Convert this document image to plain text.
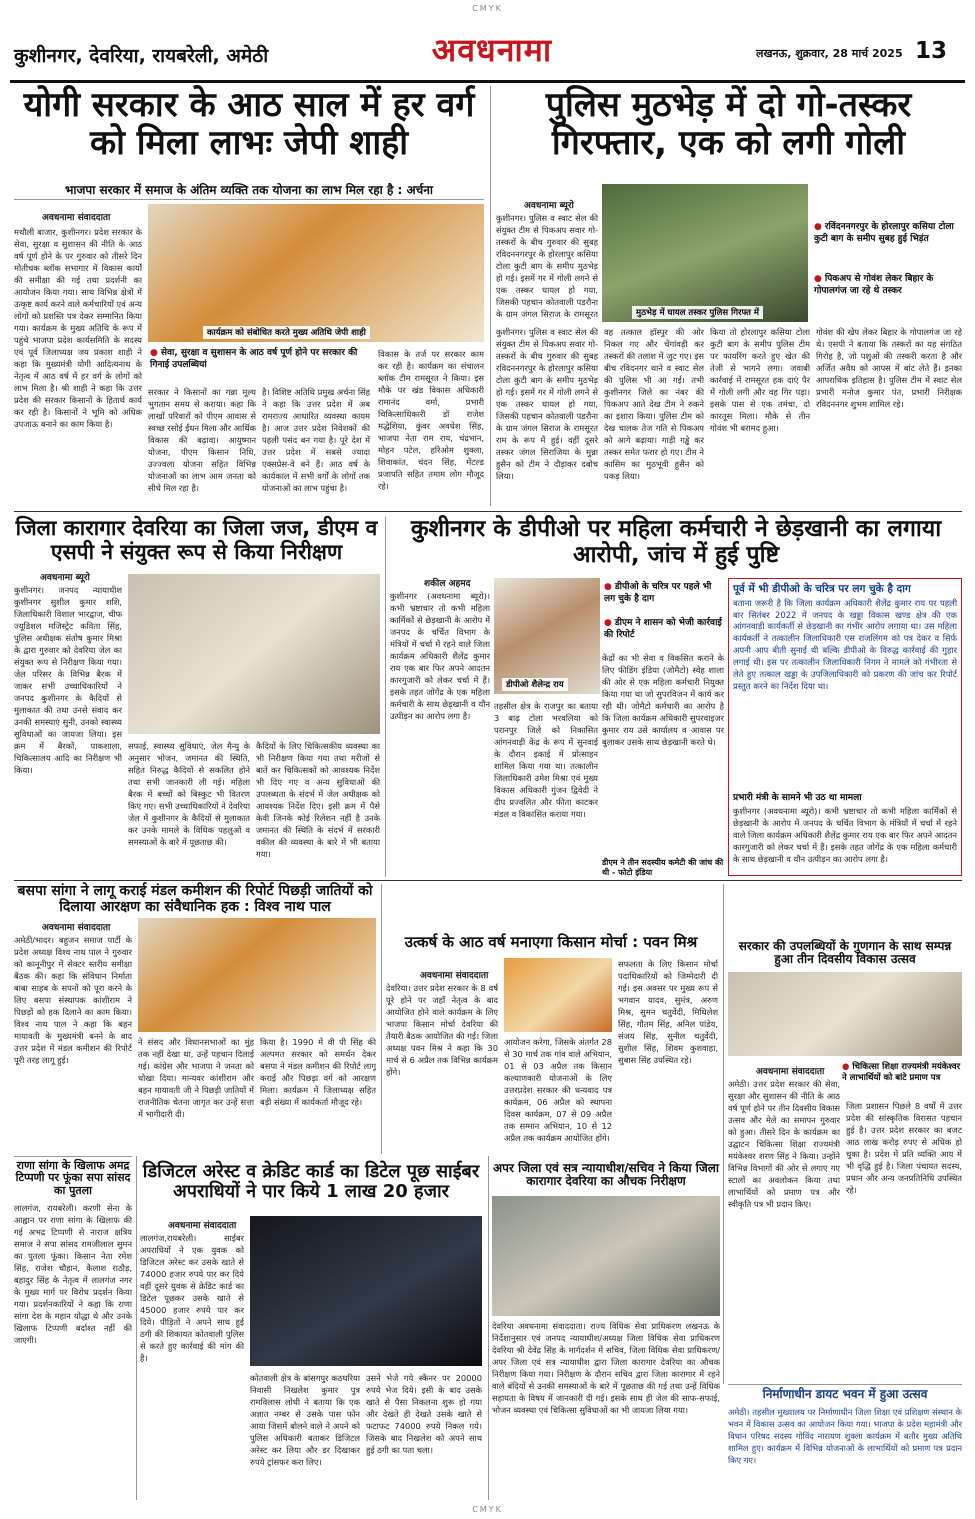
CMYK
कुशीनगर, देवरिया, रायबरेली, अमेठी	अवधनामा	लखनऊ, शुक्रवार, 28 मार्च 2025 13
योगी सरकार के आठ साल में हर वर्ग को मिला लाभः जेपी शाही
भाजपा सरकार में समाज के अंतिम व्यक्ति तक योजना का लाभ मिल रहा है : अर्चना
अवधनामा संवाददाता
मथौली बाजार, कुशीनगर। प्रदेश सरकार के सेवा, सुरक्षा व सुशासन की नीति के आठ वर्ष पूर्ण होने के पर गुरुवार को तीसरे दिन मोतीचक ब्लॉक सभागार में विकास कार्यों की समीक्षा की गई तथा प्रदर्शनी का आयोजन किया गया। साथ विभिन्न क्षेत्रों में उत्कृष्ट कार्य करने वाले कर्मचारियों एवं अन्य लोगों को प्रशस्ति पत्र देकर सम्मानित किया गया। कार्यक्रम के मुख्य अतिथि के रूप में पहुंचे भाजपा प्रदेश कार्यसमिति के सदस्य एवं पूर्व जिलाध्यक्ष जय प्रकाश शाही ने कहा कि मुख्यमंत्री योगी आदित्यनाथ के नेतृत्व में आठ वर्ष में हर वर्ग के लोगों को लाभ मिला है। श्री शाही ने कहा कि उत्तर प्रदेश की सरकार किसानों के हितार्थ कार्य कर रही है। किसानों ने भूमि को अधिक उपजाऊ बनाने का काम किया है।
कार्यक्रम को संबोधित करते मुख्य अतिथि जेपी शाही
● सेवा, सुरक्षा व सुशासन के आठ वर्ष पूर्ण होने पर सरकार की गिनाई उपलब्धियां
सरकार ने किसानों का गन्ना मूल्य भुगतान समय से कराया। कहा कि लाखों परिवारों को पीएम आवास से स्वच्छ रसोई ईंधन मिला और आर्थिक विकास की बढ़ावा। आयुष्मान योजना, पीएम किसान निधि, उज्ज्वला योजना सहित विभिन्न योजनाओं का लाभ आम जनता को सीधे मिल रहा है।
है। विशिष्ट अतिथि प्रमुख अर्चना सिंह ने कहा कि उत्तर प्रदेश में अब रामराज्य आधारित व्यवस्था कायम है। आज उत्तर प्रदेश निवेशकों की पहली पसंद बन गया है। पूरे देश में उत्तर प्रदेश में सबसे ज्यादा एक्सप्रेस-वे बने हैं। आठ वर्ष के कार्यकाल में सभी वर्गों के लोगों तक योजनाओं का लाभ पहुंचा है।
विकास के तर्ज पर सरकार काम कर रही है। कार्यक्रम का संचालन ब्लॉक टीम रामसूरत ने किया। इस मौके पर खंड विकास अधिकारी रामानंद वर्मा, प्रभारी चिकित्साधिकारी डॉ राजेश मद्धेशिया, कुंवर अवधेश सिंह, भाजपा नेता राम राय, चंद्रभान, मोहन पटेल, हरिओम शुक्ला, शिवाकांत, चंदन सिंह, मेंटल्ड प्रजापति सहित तमाम लोग मौजूद रहे।
पुलिस मुठभेड़ में दो गो-तस्कर गिरफ्तार, एक को लगी गोली
अवधनामा ब्यूरो
कुशीनगर। पुलिस व स्वाट सेल की संयुक्त टीम से पिकअप सवार गो-तस्करों के बीच गुरुवार की सुबह रविदननगरपुर के होरलापुर कसिया टोला कुटी बाग के समीप मुठभेड़ हो गई। इसमें गर में गोली लगने से एक तस्कर घायल हो गया, जिसकी पहचान कोतवाली पडरौना के ग्राम जंगल सिराज के रामसूरत	मुठभेड़ में घायल तस्कर पुलिस गिरफ्त में
● रविंदननगरपुर के होरलापुर कसिया टोला कुटी बाग के समीप सुबह हुई भिड़ंत
● पिकअप से गोवंश लेकर बिहार के गोपालगंज जा रहे थे तस्कर
कुशीनगर। पुलिस व स्वाट सेल की संयुक्त टीम से पिकअप सवार गो-तस्करों के बीच गुरुवार की सुबह रविदननगरपुर के होरलापुर कसिया टोला कुटी बाग के समीप मुठभेड़ हो गई। इसमें गर में गोली लगने से एक तस्कर घायल हो गया, जिसकी पहचान कोतवाली पडरौना के ग्राम जंगल सिराज के रामसूरत राम के रूप में हुई। वहीं दूसरे तस्कर जंगल सिराजिया के मुन्ना हुसैन को टीम ने दौड़ाकर दबोच लिया।
वह तत्काल हॉस्पुर की ओर निकल गए और चेंगांवड़ी कर तस्करों की तलाश में जुट गए। इस बीच रविदनगर थाने व स्वाट सेल की पुलिस भी आ गई। तभी कुशीनगर जिले का नंबर की पिकअप आते देख टीम ने रुकने का इशारा किया। पुलिस टीम को देख चालक तेज गति से पिकअप को आगे बढ़ाया। गाड़ी गड्ढे कर तस्कर समेत फरार हो गए। टीम ने कासिम का मुठभूवी हुसैन को पकड़ लिया।
किया तो होरलापुर कसिया टोला कुटी बाग के समीप पुलिस टीम पर फायरिंग करते हुए खेत की तेजी से भागने लगा। जवाबी कार्रवाई में रामसूरत हक दाएं पैर में गोली लगी और वह गिर पड़ा। इसके पास से एक तमंचा, दो कारतूस मिला। मौके से तीन गोवंश भी बरामद हुआ।
गोवंश की खेप लेकर बिहार के गोपालगंज जा रहे थे। एसपी ने बताया कि तस्करों का यह संगठित गिरोह है, जो पशुओं की तस्करी करता है और अर्जित अवैध को आपस में बांट लेते हैं। इनका आपराधिक इतिहास है। पुलिस टीम में स्वाट सेल प्रभारी मनोज कुमार पंत, प्रभारी निरीक्षक रविदननगर शुभम शामिल रहे।
जिला कारागार देवरिया का जिला जज, डीएम व एसपी ने संयुक्त रूप से किया निरीक्षण
अवधनामा ब्यूरो
कुशीनगर। जनपद न्यायाधीश कुशीनगर सुशील कुमार शशि, जिलाधिकारी विशाल भारद्वाज, चीफ ज्यूडिशल मजिस्ट्रेट कविता सिंह, पुलिस अधीक्षक संतोष कुमार मिश्रा के द्वारा गुरुवार को देवरिया जेल का संयुक्त रूप से निरीक्षण किया गया। जेल परिसर के विभिन्न बैरक में जाकर सभी उच्चाधिकारियों ने जनपद कुशीनगर के कैदियों से मुलाकात की तथा उनसे संवाद कर उनकी समस्याएं सुनी, उनको स्वास्थ्य सुविधाओं का जायजा लिया। इस क्रम में बैरकों, पाकशाला, चिकित्सालय आदि का निरीक्षण भी किया।
सफाई, स्वास्थ्य सुविधाएं, जेल मैन्यु के अनुसार भोजन, जमानत की स्थिति, सहित निरुद्ध कैदियों से सकलित होने तथा सभी जानकारी ली गई। महिला बैरक में बच्चों को बिस्कुट भी वितरण किए गए। सभी उच्चाधिकारियों ने देवरिया जेल में कुशीनगर के कैदियों से मुलाकात कर उनके मामले के विधिक पहलुओं व समस्याओं के बारे में पूछताछ की।
कैदियों के लिए चिकित्सकीय व्यवस्था का भी निरीक्षण किया गया तथा मरीजों से बातें कर चिकित्सकों को आवश्यक निर्देश भी दिए गए व अन्य सुविधाओं की उपलब्धता के संदर्भ में जेल अधीक्षक को आवश्यक निर्देश दिए। इसी क्रम में पैसे केवी जिनके कोई रिलेशन नहीं है उनके जमानत की स्थिति के संदर्भ में सरकारी वकील की व्यवस्था के बारे में भी बताया गया।
कुशीनगर के डीपीओ पर महिला कर्मचारी ने छेड़खानी का लगाया आरोपी, जांच में हुई पुष्टि
शकील अहमद
कुशीनगर (अवधनामा ब्यूरो)। कभी भ्रष्टाचार तो कभी महिला कार्मिकों से छेड़खानी के आरोप में जनपद के चर्चित विभाग के मंत्रियों में चर्चा में रहने वाले जिला कार्यक्रम अधिकारी शैलेंद्र कुमार राय एक बार फिर अपने आदतन कारगुजारी को लेकर चर्चा में हैं। इसके तहत जोगेंद्र के एक महिला कर्मचारी के साथ छेड़खानी व यौन उत्पीड़न का आरोप लगा है।
डीपीओ शैलेन्द्र राय
तहसील क्षेत्र के राजपुर का बताया 3 बाढ़ टोला भरवलिया को परानपुर जिले को निकासित आंगनवाड़ी केंद्र के रूप में सुनवाई के दौरान इकाई में प्रोत्साहन शामिल किया गया था। तत्कालीन जिलाधिकारी उमेश मिश्रा एवं मुख्य विकास अधिकारी गुंजन द्विवेदी ने दीप प्रज्वलित और फीता काटकर मंडल व विकासित कराया गया।
● डीपीओ के चरित्र पर पहले भी लग चुके है दाग
● डीएम ने शासन को भेजी कार्रवाई की रिपोर्ट
केंद्रों का भी सेवा व विकसित कराने के लिए फीडिंग इंडिया (जोमैटो) स्वेह शाला की ओर से एक महिला कर्मचारी नियुक्त किया गया था जो सुपरविजन में कार्य कर रही थी। जोमैटो कर्मचारी का आरोप है कि जिला कार्यक्रम अधिकारी सुपरवाइजर कुमार राय उसे कार्यालय व आवास पर बुलाकर उसके साथ छेड़खानी करते थे।
डीएम ने तीन सदस्यीय कमेटी की जांच की थी - फोटो इंडिया
पूर्व में भी डीपीओ के चरित्र पर लग चुके है दाग
बताना जरूरी है कि जिला कार्यक्रम अधिकारी शैलेंद्र कुमार राय पर पहली बार सितंबर 2022 में जनपद के खड्डा विकास खण्ड क्षेत्र की एक आंगनवाड़ी कार्यकर्ती से छेड़खानी का गंभीर आरोप लगाया था। उस महिला कार्यकर्ती ने तत्कालीन जिलाधिकारी एस राजलिंगम को पत्र देकर व सिर्फ अपनी आप बीती सुनाई थी बल्कि डीपीओ के विरुद्ध कार्रवाई की गुहार लगाई थी। इस पर तत्कालीन जिलाधिकारी निगम ने मामले को गंभीरता से लेते हुए तत्काल खड्डा के उपजिलाधिकारी को प्रकरण की जांच कर रिपोर्ट प्रस्तुत करने का निर्देश दिया था।
प्रभारी मंत्री के सामने भी उठ था मामला
कुशीनगर (अवधनामा ब्यूरो)। कभी भ्रष्टाचार तो कभी महिला कार्मिकों से छेड़खानी के आरोप में जनपद के चर्चित विभाग के मंत्रियों में चर्चा में रहने वाले जिला कार्यक्रम अधिकारी शैलेंद्र कुमार राय एक बार फिर अपने आदतन कारगुजारी को लेकर चर्चा में हैं। इसके तहत जोगेंद्र के एक महिला कर्मचारी के साथ छेड़खानी व यौन उत्पीड़न का आरोप लगा है।
बसपा सांगा ने लागू कराई मंडल कमीशन की रिपोर्ट पिछड़ी जातियों को दिलाया आरक्षण का संवैधानिक हक : विश्व नाथ पाल
अवधनामा संवाददाता
अमेठी/भादर। बहुजन समाज पार्टी के प्रदेश अध्यक्ष विश्व नाथ पाल ने गुरुवार को कानूनीपुर में सेक्टर स्तरीय समीक्षा बैठक की। कहा कि संविधान निर्माता बाबा साहब के सपनों को पूरा करने के लिए बसपा संस्थापक कांशीराम ने पिछड़ों को हक दिलाने का काम किया। विश्व नाथ पाल ने कहा कि बहन मायावती के मुख्यमंत्री बनने के बाद उत्तर प्रदेश में मंडल कमीशन की रिपोर्ट पूरी तरह लागू हुई।
ने संसद और विधानसभाओं का मुंह तक नहीं देखा था, उन्हें पहचान दिलाई गई। कांग्रेस और भाजपा ने जनता को धोखा दिया। मान्यवर कांशीराम और बहन मायावती जी ने पिछड़ी जातियों में राजनीतिक चेतना जागृत कर उन्हें सत्ता में भागीदारी दी।
किया है। 1990 में वी पी सिंह की अल्पमत सरकार को समर्थन देकर बसपा ने मंडल कमीशन की रिपोर्ट लागू कराई और पिछड़ा वर्ग को आरक्षण मिला। कार्यक्रम में जिलाध्यक्ष सहित बड़ी संख्या में कार्यकर्ता मौजूद रहे।
उत्कर्ष के आठ वर्ष मनाएगा किसान मोर्चा : पवन मिश्र
अवधनामा संवाददाता
देवरिया। उत्तर प्रदेश सरकार के 8 वर्ष पूरे होने पर जहाँ नेतृत्व के बाद आयोजित होने वाले कार्यक्रम के लिए भाजपा किसान मोर्चा देवरिया की तैयारी बैठक आयोजित की गई। जिला अध्यक्ष पवन मिश्र ने कहा कि 30 मार्च से 6 अप्रैल तक विभिन्न कार्यक्रम होंगे।
आयोजन करेगा, जिसके अंतर्गत 28 से 30 मार्च तक गांव वाले अभियान, 01 से 03 अप्रैल तक किसान कल्याणकारी योजनाओं के लिए उत्तरप्रदेश सरकार की धन्यवाद पत्र कार्यक्रम, 06 अप्रैल को स्थापना दिवस कार्यक्रम, 07 से 09 अप्रैल तक सम्मान अभियान, 10 से 12 अप्रैल तक कार्यक्रम आयोजित होंगे।
सफलता के लिए किसान मोर्चा पदाधिकारियों को जिम्मेदारी दी गई। इस अवसर पर मुख्य रूप से भगवान यादव, सुमंत्र, अरुण मिश्र, सुमन चतुर्वेदी, मिथिलेश सिंह, गौतम सिंह, अनिल पांडेय, संजय सिंह, सुनील चतुर्वेदी, सुशील सिंह, शिवम कुशवाहा, सुबास सिंह उपस्थित रहे।
सरकार की उपलब्धियों के गुणगान के साथ सम्पन्न हुआ तीन दिवसीय विकास उत्सव
अवधनामा संवाददाता ● चिकित्सा शिक्षा राज्यमंत्री मयंकेश्वर ने लाभार्थियों को बांटे प्रमाण पत्र
अमेठी। उत्तर प्रदेश सरकार की सेवा, सुरक्षा और सुशासन की नीति के आठ वर्ष पूर्ण होने पर तीन दिवसीय विकास उत्सव और मेले का समापन गुरुवार को हुआ। तीसरे दिन के कार्यक्रम का उद्घाटन चिकित्सा शिक्षा राज्यमंत्री मयंकेश्वर शरण सिंह ने किया। उन्होंने विभिन्न विभागों की ओर से लगाए गए स्टालों का अवलोकन किया तथा लाभार्थियों को प्रमाण पत्र और स्वीकृति पत्र भी प्रदान किए।
जिला प्रशासन पिछले 8 वर्षों में उत्तर प्रदेश की सांस्कृतिक विरासत पहचान हुई है। उत्तर प्रदेश सरकार का बजट आठ लाख करोड़ रुपए से अधिक हो चुका है। प्रदेश में प्रति व्यक्ति आय में भी वृद्धि हुई है। जिला पंचायत सदस्य, प्रधान और अन्य जनप्रतिनिधि उपस्थित रहे।
राणा सांगा के खिलाफ अमद्र टिप्पणी पर फूंका सपा सांसद का पुतला
लालगंज, रायबरेली। करणी सेना के आह्वान पर राणा सांगा के खिलाफ की गई अभद्र टिप्पणी से नाराज क्षत्रिय समाज ने सपा सांसद रामजीलाल सुमन का पुतला फूंका। किसान नेता रमेश सिंह, राजेश चौहान, कैलाश राठौड़, बहादुर सिंह के नेतृत्व में लालगंज नगर के मुख्य मार्ग पर विरोध प्रदर्शन किया गया। प्रदर्शनकारियों ने कहा कि राणा सांगा देश के महान योद्धा थे और उनके खिलाफ टिप्पणी बर्दाश्त नहीं की जाएगी।
डिजिटल अरेस्ट व क्रेडिट कार्ड का डिटेल पूछ साईबर अपराधियों ने पार किये 1 लाख 20 हजार
अवधनामा संवाददाता
लालगंज,रायबरेली। साईबर अपराधियों ने एक युवक को डिजिटल अरेस्ट कर उसके खाते से 74000 हजार रुपये पार कर दिये वहीं दूसरे युवक से क्रेडिट कार्ड का डिटेल पूछकर उसके खाते से 45000 हजार रुपये पार कर दिये। पीड़ितों ने अपने साथ हुई ठगी की शिकायत कोतवाली पुलिस से करते हुए कार्रवाई की मांग की है।
कोतवाली क्षेत्र के बांसगपुर कठघरिया निवासी निखलेश कुमार पुत्र रामविलास लोधी ने बताया कि एक अज्ञात नम्बर से उसके पास फोन आया जिसमें बोलने वाले ने अपने को पुलिस अधिकारी बताकर डिजिटल अरेस्ट कर लिया और डर दिखाकर रुपये ट्रांसफर करा लिए।
उसने भेजे गये स्कैनर पर 20000 रुपये भेज दिये। इसी के बाद उसके खाते से पैसा निकलना शुरू हो गया और देखते ही देखते उसके खाते से फटाफट 74000 रुपये निकल गये। जिसके बाद निखलेश को अपने साथ हुई ठगी का पता चला।
अपर जिला एवं सत्र न्यायाधीश/सचिव ने किया जिला कारागार देवरिया का औचक निरीक्षण
देवरिया अवधनामा संवाददाता। राज्य विधिक सेवा प्राधिकरण लखनऊ के निर्देशानुसार एवं जनपद न्यायाधीश/अध्यक्ष जिला विधिक सेवा प्राधिकरण देवरिया श्री देवेंद्र सिंह के मार्गदर्शन में सचिव, जिला विधिक सेवा प्राधिकरण/अपर जिला एवं सत्र न्यायाधीश द्वारा जिला कारागार देवरिया का औचक निरीक्षण किया गया। निरीक्षण के दौरान सचिव द्वारा जिला कारागार में रहने वाले बंदियों से उनकी समस्याओं के बारे में पूछताछ की गई तथा उन्हें विधिक सहायता के विषय में जानकारी दी गई। इसके साथ ही जेल की साफ-सफाई, भोजन व्यवस्था एवं चिकित्सा सुविधाओं का भी जायजा लिया गया।
निर्माणाधीन डायट भवन में हुआ उत्सव
अमेठी। तहसील मुख्यालय पर निर्माणाधीन जिला शिक्षा एवं प्रशिक्षण संस्थान के भवन में विकास उत्सव का आयोजन किया गया। भाजपा के प्रदेश महामंत्री और विधान परिषद सदस्य गोविंद नारायण शुक्ला कार्यक्रम में बतौर मुख्य अतिथि शामिल हुए। कार्यक्रम में विभिन्न योजनाओं के लाभार्थियों को प्रमाण पत्र प्रदान किए गए।
CMYK
